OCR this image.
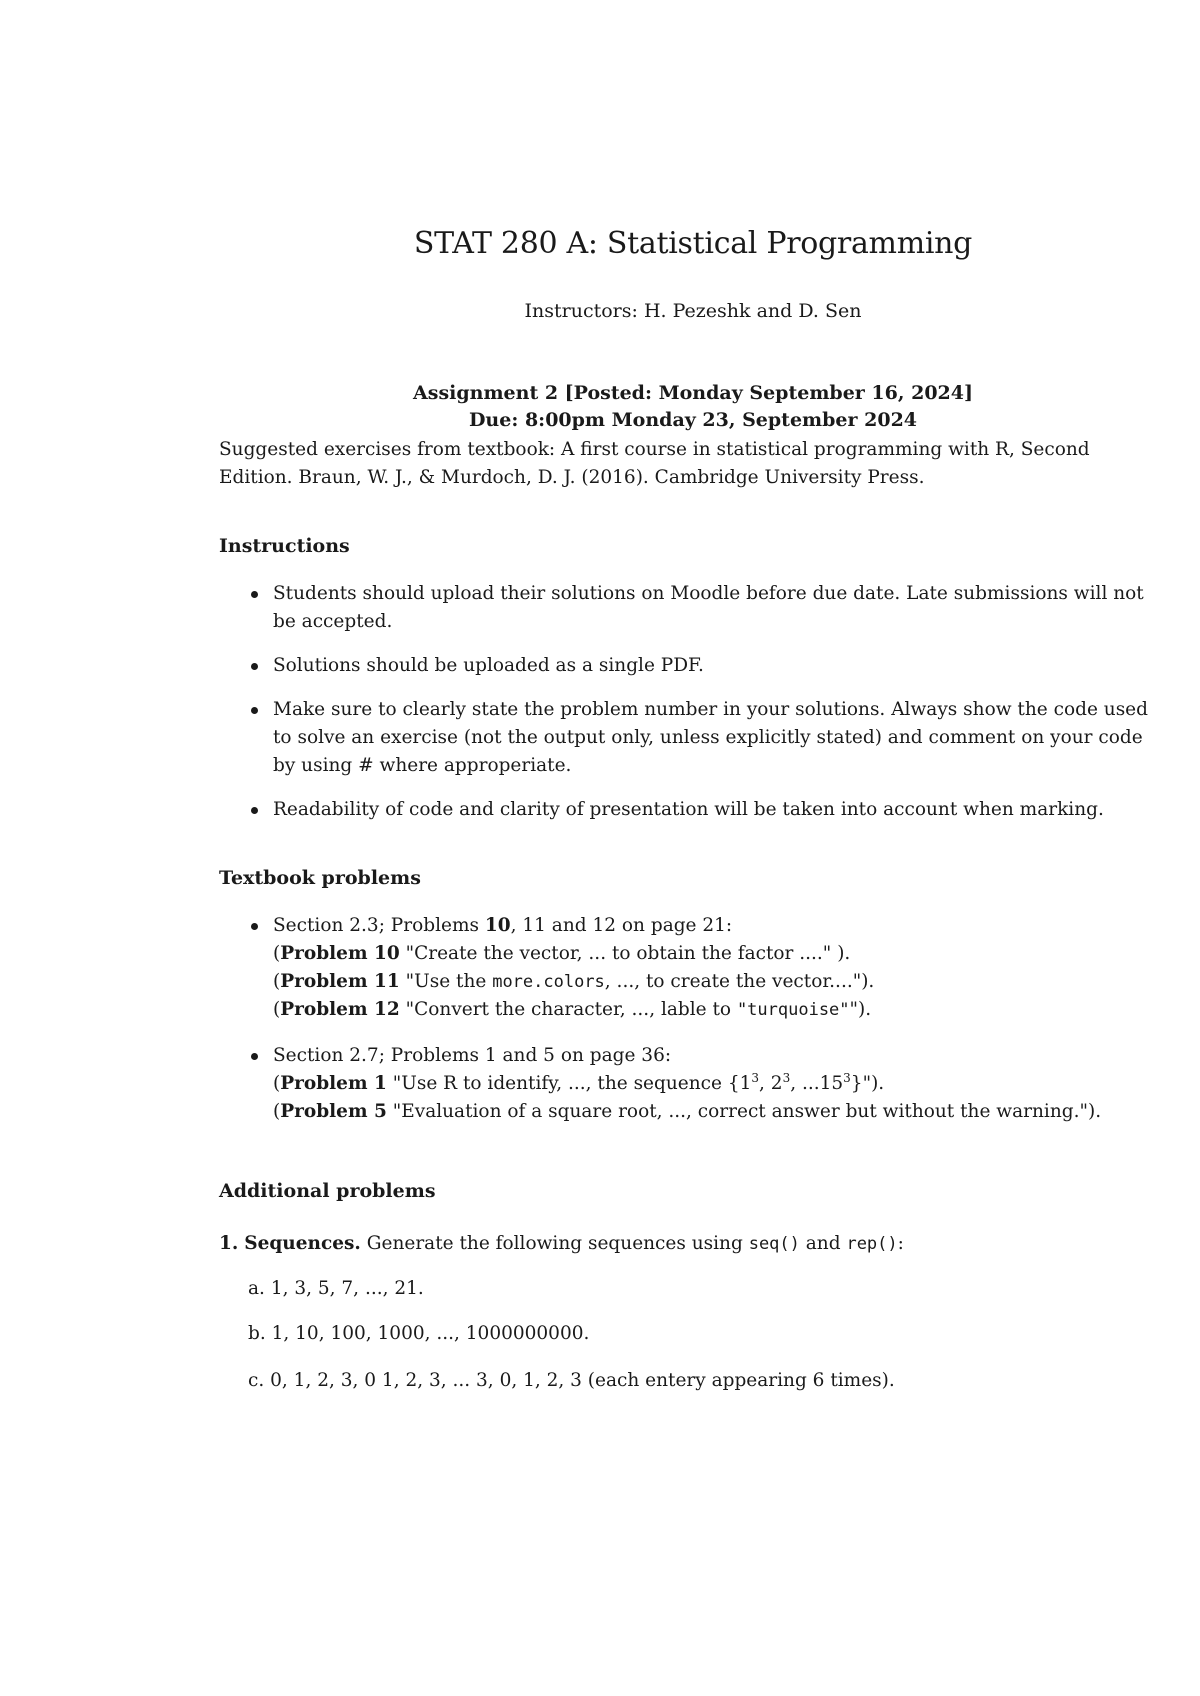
STAT 280 A: Statistical Programming
Instructors: H. Pezeshk and D. Sen
Assignment 2 [Posted: Monday September 16, 2024]
Due: 8:00pm Monday 23, September 2024
Suggested exercises from textbook: A first course in statistical programming with R, Second Edition. Braun, W. J., & Murdoch, D. J. (2016). Cambridge University Press.
Instructions
Students should upload their solutions on Moodle before due date. Late submissions will not be accepted.
Solutions should be uploaded as a single PDF.
Make sure to clearly state the problem number in your solutions. Always show the code used to solve an exercise (not the output only, unless explicitly stated) and comment on your code by using # where approperiate.
Readability of code and clarity of presentation will be taken into account when marking.
Textbook problems
Section 2.3; Problems 10, 11 and 12 on page 21:
(Problem 10 "Create the vector, ... to obtain the factor ...." ).
(Problem 11 "Use the more.colors, ..., to create the vector....").
(Problem 12 "Convert the character, ..., lable to "turquoise"").
Section 2.7; Problems 1 and 5 on page 36:
(Problem 1 "Use R to identify, ..., the sequence {$1^3$, $2^3$, ...15$^3$}").
(Problem 5 "Evaluation of a square root, ..., correct answer but without the warning.").
Additional problems
1. Sequences. Generate the following sequences using seq() and rep():
a. 1, 3, 5, 7, ..., 21.
b. 1, 10, 100, 1000, ..., 1000000000.
c. 0, 1, 2, 3, 0 1, 2, 3, ... 3, 0, 1, 2, 3 (each entery appearing 6 times).
